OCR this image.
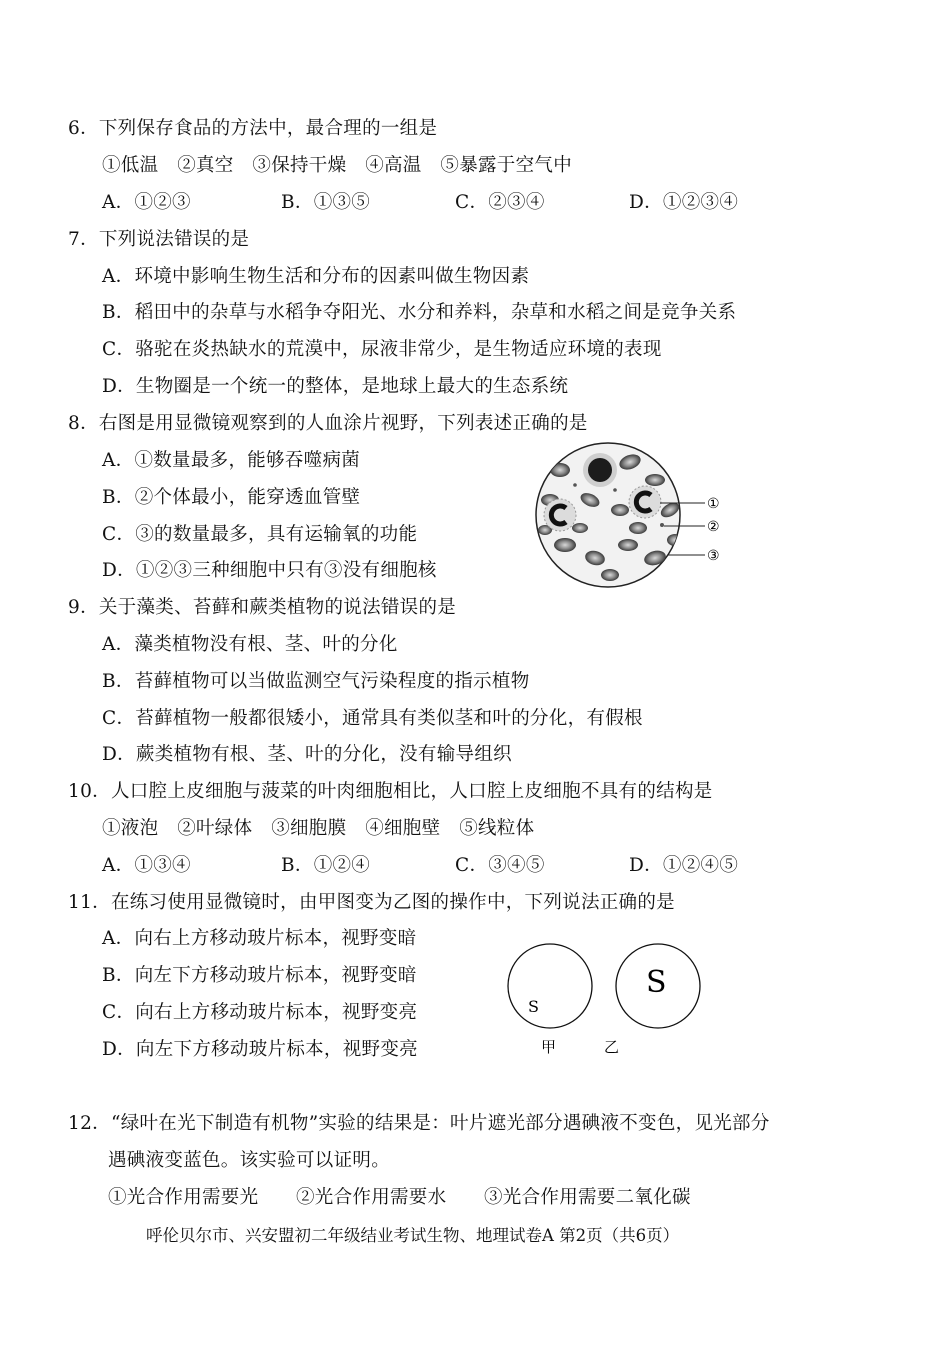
6．下列保存食品的方法中，最合理的一组是
①低温　②真空　③保持干燥　④高温　⑤暴露于空气中
A．①②③	B．①③⑤	C．②③④	D．①②③④
7．下列说法错误的是
A．环境中影响生物生活和分布的因素叫做生物因素
B．稻田中的杂草与水稻争夺阳光、水分和养料，杂草和水稻之间是竞争关系
C．骆驼在炎热缺水的荒漠中，尿液非常少，是生物适应环境的表现
D．生物圈是一个统一的整体，是地球上最大的生态系统
8．右图是用显微镜观察到的人血涂片视野，下列表述正确的是
A．①数量最多，能够吞噬病菌
B．②个体最小，能穿透血管壁
C．③的数量最多，具有运输氧的功能
D．①②③三种细胞中只有③没有细胞核
①
②
③
9．关于藻类、苔藓和蕨类植物的说法错误的是
A．藻类植物没有根、茎、叶的分化
B．苔藓植物可以当做监测空气污染程度的指示植物
C．苔藓植物一般都很矮小，通常具有类似茎和叶的分化，有假根
D．蕨类植物有根、茎、叶的分化，没有输导组织
10．人口腔上皮细胞与菠菜的叶肉细胞相比，人口腔上皮细胞不具有的结构是
①液泡　②叶绿体　③细胞膜　④细胞壁　⑤线粒体
A．①③④	B．①②④	C．③④⑤	D．①②④⑤
11．在练习使用显微镜时，由甲图变为乙图的操作中，下列说法正确的是
A．向右上方移动玻片标本，视野变暗
B．向左下方移动玻片标本，视野变暗
C．向右上方移动玻片标本，视野变亮
D．向左下方移动玻片标本，视野变亮
S
S
甲	乙
12．“绿叶在光下制造有机物”实验的结果是：叶片遮光部分遇碘液不变色，见光部分
遇碘液变蓝色。该实验可以证明。
①光合作用需要光　　②光合作用需要水　　③光合作用需要二氧化碳
呼伦贝尔市、兴安盟初二年级结业考试生物、地理试卷A 第2页（共6页）
